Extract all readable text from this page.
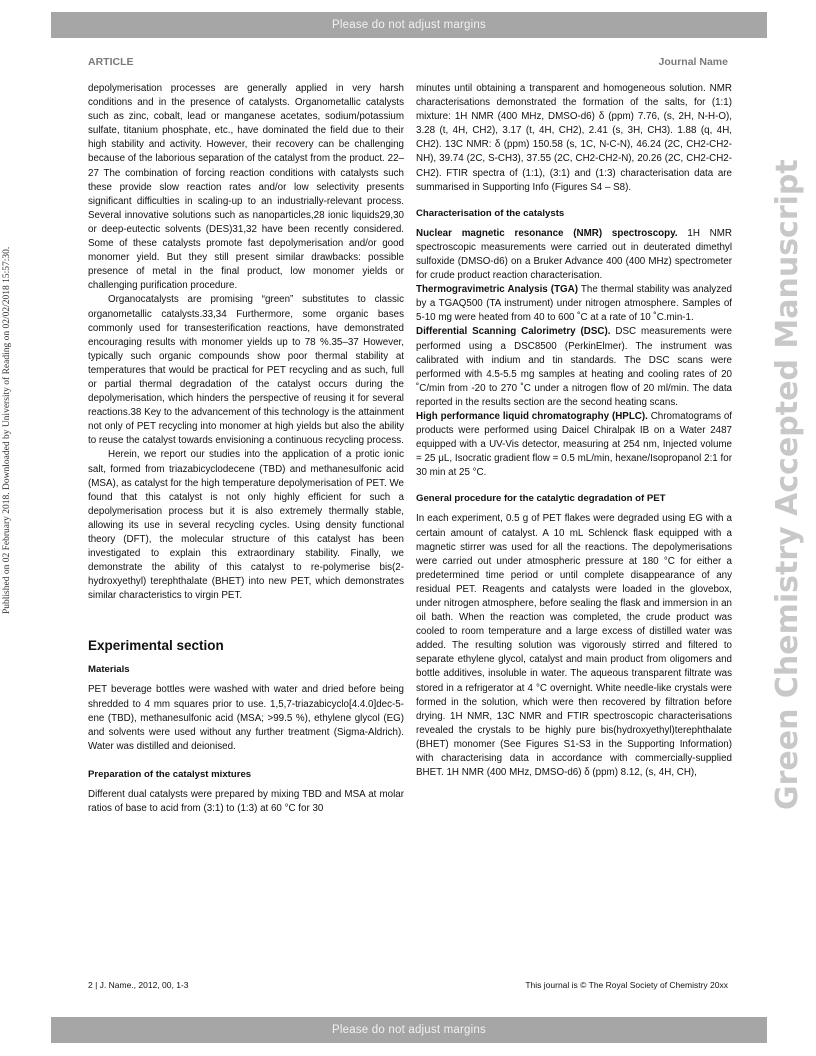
Please do not adjust margins
ARTICLE	Journal Name
Published on 02 February 2018. Downloaded by University of Reading on 02/02/2018 15:57:30.	Green Chemistry Accepted Manuscript

depolymerisation processes are generally applied in very harsh conditions and in the presence of catalysts. Organometallic catalysts such as zinc, cobalt, lead or manganese acetates, sodium/potassium sulfate, titanium phosphate, etc., have dominated the field due to their high stability and activity. However, their recovery can be challenging because of the laborious separation of the catalyst from the product. 22–27 The combination of forcing reaction conditions with catalysts such these provide slow reaction rates and/or low selectivity presents significant difficulties in scaling-up to an industrially-relevant process. Several innovative solutions such as nanoparticles,28 ionic liquids29,30 or deep-eutectic solvents (DES)31,32 have been recently considered. Some of these catalysts promote fast depolymerisation and/or good monomer yield. But they still present similar drawbacks: possible presence of metal in the final product, low monomer yields or challenging purification procedure.

Organocatalysts are promising “green” substitutes to classic organometallic catalysts.33,34 Furthermore, some organic bases commonly used for transesterification reactions, have demonstrated encouraging results with monomer yields up to 78 %.35–37 However, typically such organic compounds show poor thermal stability at temperatures that would be practical for PET recycling and as such, full or partial thermal degradation of the catalyst occurs during the depolymerisation, which hinders the perspective of reusing it for several reactions.38 Key to the advancement of this technology is the attainment not only of PET recycling into monomer at high yields but also the ability to reuse the catalyst towards envisioning a continuous recycling process.

Herein, we report our studies into the application of a protic ionic salt, formed from triazabicyclodecene (TBD) and methanesulfonic acid (MSA), as catalyst for the high temperature depolymerisation of PET. We found that this catalyst is not only highly efficient for such a depolymerisation process but it is also extremely thermally stable, allowing its use in several recycling cycles. Using density functional theory (DFT), the molecular structure of this catalyst has been investigated to explain this extraordinary stability. Finally, we demonstrate the ability of this catalyst to re-polymerise bis(2-hydroxyethyl) terephthalate (BHET) into new PET, which demonstrates similar characteristics to virgin PET.

Experimental section
Materials

PET beverage bottles were washed with water and dried before being shredded to 4 mm squares prior to use. 1,5,7-triazabicyclo[4.4.0]dec-5-ene (TBD), methanesulfonic acid (MSA; >99.5 %), ethylene glycol (EG) and solvents were used without any further treatment (Sigma-Aldrich). Water was distilled and deionised.

Preparation of the catalyst mixtures

Different dual catalysts were prepared by mixing TBD and MSA at molar ratios of base to acid from (3:1) to (1:3) at 60 °C for 30

minutes until obtaining a transparent and homogeneous solution. NMR characterisations demonstrated the formation of the salts, for (1:1) mixture: 1H NMR (400 MHz, DMSO-d6) δ (ppm) 7.76, (s, 2H, N-H-O), 3.28 (t, 4H, CH2), 3.17 (t, 4H, CH2), 2.41 (s, 3H, CH3). 1.88 (q, 4H, CH2). 13C NMR: δ (ppm) 150.58 (s, 1C, N-C-N), 46.24 (2C, CH2-CH2-NH), 39.74 (2C, S-CH3), 37.55 (2C, CH2-CH2-N), 20.26 (2C, CH2-CH2-CH2). FTIR spectra of (1:1), (3:1) and (1:3) characterisation data are summarised in Supporting Info (Figures S4 – S8).

Characterisation of the catalysts

Nuclear magnetic resonance (NMR) spectroscopy. 1H NMR spectroscopic measurements were carried out in deuterated dimethyl sulfoxide (DMSO-d6) on a Bruker Advance 400 (400 MHz) spectrometer for crude product reaction characterisation.

Thermogravimetric Analysis (TGA) The thermal stability was analyzed by a TGAQ500 (TA instrument) under nitrogen atmosphere. Samples of 5-10 mg were heated from 40 to 600 ˚C at a rate of 10 ˚C.min-1.

Differential Scanning Calorimetry (DSC). DSC measurements were performed using a DSC8500 (PerkinElmer). The instrument was calibrated with indium and tin standards. The DSC scans were performed with 4.5-5.5 mg samples at heating and cooling rates of 20 ˚C/min from -20 to 270 ˚C under a nitrogen flow of 20 ml/min. The data reported in the results section are the second heating scans.

High performance liquid chromatography (HPLC). Chromatograms of products were performed using Daicel Chiralpak IB on a Water 2487 equipped with a UV-Vis detector, measuring at 254 nm, Injected volume = 25 μL, Isocratic gradient flow = 0.5 mL/min, hexane/Isopropanol 2:1 for 30 min at 25 °C.

General procedure for the catalytic degradation of PET

In each experiment, 0.5 g of PET flakes were degraded using EG with a certain amount of catalyst. A 10 mL Schlenck flask equipped with a magnetic stirrer was used for all the reactions. The depolymerisations were carried out under atmospheric pressure at 180 °C for either a predetermined time period or until complete disappearance of any residual PET. Reagents and catalysts were loaded in the glovebox, under nitrogen atmosphere, before sealing the flask and immersion in an oil bath. When the reaction was completed, the crude product was cooled to room temperature and a large excess of distilled water was added. The resulting solution was vigorously stirred and filtered to separate ethylene glycol, catalyst and main product from oligomers and bottle additives, insoluble in water. The aqueous transparent filtrate was stored in a refrigerator at 4 °C overnight. White needle-like crystals were formed in the solution, which were then recovered by filtration before drying. 1H NMR, 13C NMR and FTIR spectroscopic characterisations revealed the crystals to be highly pure bis(hydroxyethyl)terephthalate (BHET) monomer (See Figures S1-S3 in the Supporting Information) with characterising data in accordance with commercially-supplied BHET. 1H NMR (400 MHz, DMSO-d6) δ (ppm) 8.12, (s, 4H, CH),

2 | J. Name., 2012, 00, 1-3	This journal is © The Royal Society of Chemistry 20xx
Please do not adjust margins
